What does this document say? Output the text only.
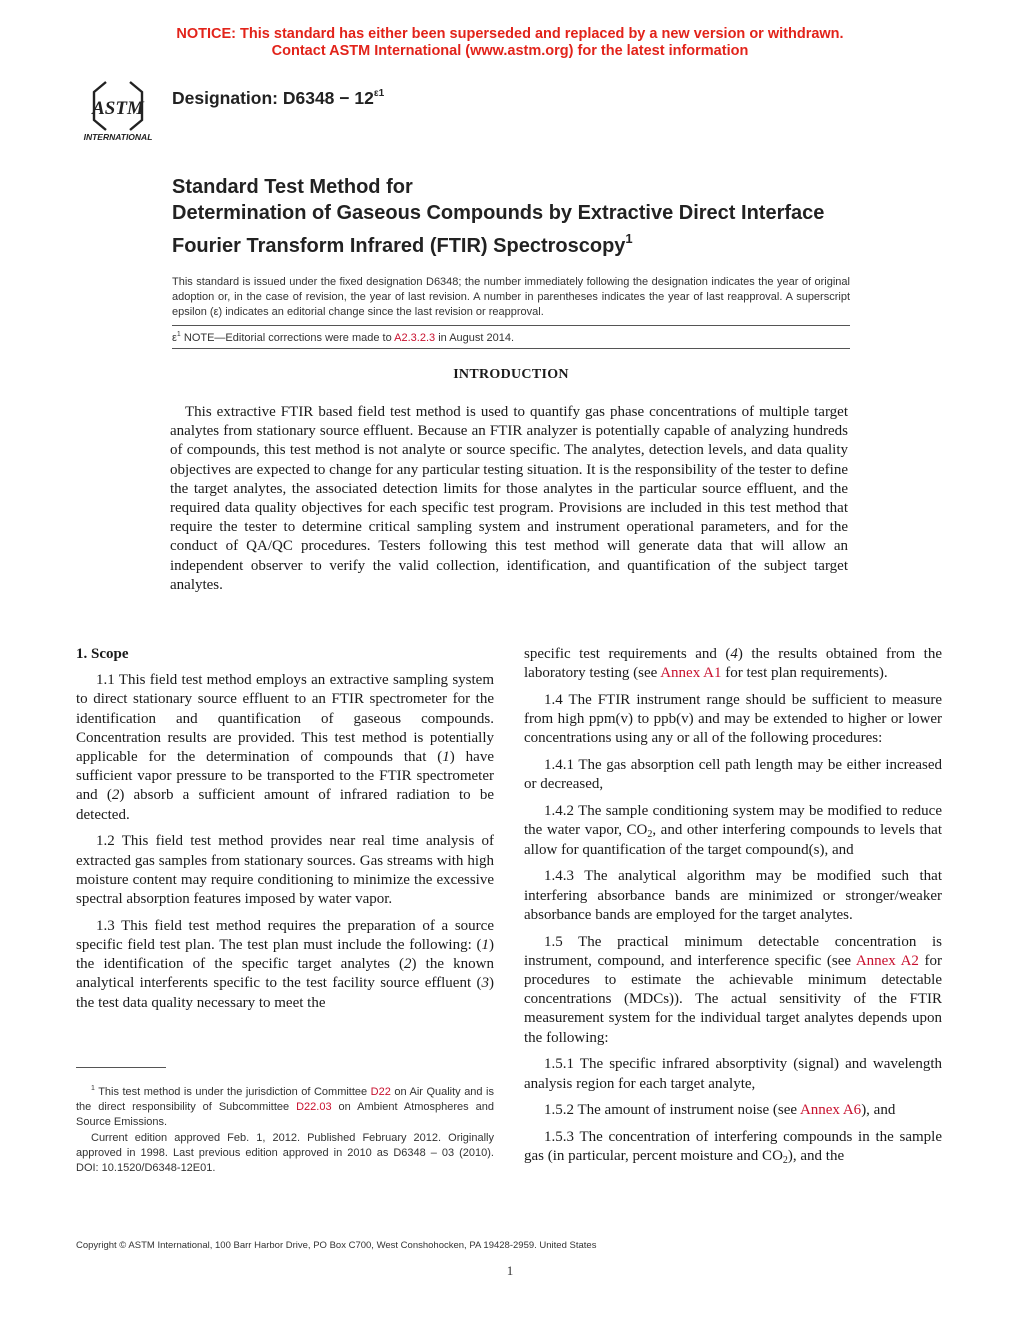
NOTICE: This standard has either been superseded and replaced by a new version or withdrawn.
Contact ASTM International (www.astm.org) for the latest information
ASTM
INTERNATIONAL
Designation: $D6348 - 12^{\varepsilon 1}$
Standard Test Method for
Determination of Gaseous Compounds by Extractive Direct Interface Fourier Transform Infrared (FTIR) Spectroscopy$^1$
This standard is issued under the fixed designation D6348; the number immediately following the designation indicates the year of original adoption or, in the case of revision, the year of last revision. A number in parentheses indicates the year of last reapproval. A superscript epsilon (ε) indicates an editorial change since the last revision or reapproval.
$\varepsilon^1$ NOTE—Editorial corrections were made to A2.3.2.3 in August 2014.
INTRODUCTION
This extractive FTIR based field test method is used to quantify gas phase concentrations of multiple target analytes from stationary source effluent. Because an FTIR analyzer is potentially capable of analyzing hundreds of compounds, this test method is not analyte or source specific. The analytes, detection levels, and data quality objectives are expected to change for any particular testing situation. It is the responsibility of the tester to define the target analytes, the associated detection limits for those analytes in the particular source effluent, and the required data quality objectives for each specific test program. Provisions are included in this test method that require the tester to determine critical sampling system and instrument operational parameters, and for the conduct of QA/QC procedures. Testers following this test method will generate data that will allow an independent observer to verify the valid collection, identification, and quantification of the subject target analytes.
1. Scope

1.1 This field test method employs an extractive sampling system to direct stationary source effluent to an FTIR spectrometer for the identification and quantification of gaseous compounds. Concentration results are provided. This test method is potentially applicable for the determination of compounds that (1) have sufficient vapor pressure to be transported to the FTIR spectrometer and (2) absorb a sufficient amount of infrared radiation to be detected.

1.2 This field test method provides near real time analysis of extracted gas samples from stationary sources. Gas streams with high moisture content may require conditioning to minimize the excessive spectral absorption features imposed by water vapor.

1.3 This field test method requires the preparation of a source specific field test plan. The test plan must include the following: (1) the identification of the specific target analytes (2) the known analytical interferents specific to the test facility source effluent (3) the test data quality necessary to meet the

$^1$ This test method is under the jurisdiction of Committee D22 on Air Quality and is the direct responsibility of Subcommittee D22.03 on Ambient Atmospheres and Source Emissions.

Current edition approved Feb. 1, 2012. Published February 2012. Originally approved in 1998. Last previous edition approved in 2010 as D6348 – 03 (2010). DOI: 10.1520/D6348-12E01.

specific test requirements and (4) the results obtained from the laboratory testing (see Annex A1 for test plan requirements).

1.4 The FTIR instrument range should be sufficient to measure from high ppm(v) to ppb(v) and may be extended to higher or lower concentrations using any or all of the following procedures:

1.4.1 The gas absorption cell path length may be either increased or decreased,

1.4.2 The sample conditioning system may be modified to reduce the water vapor, $CO_2$, and other interfering compounds to levels that allow for quantification of the target compound(s), and

1.4.3 The analytical algorithm may be modified such that interfering absorbance bands are minimized or stronger/weaker absorbance bands are employed for the target analytes.

1.5 The practical minimum detectable concentration is instrument, compound, and interference specific (see Annex A2 for procedures to estimate the achievable minimum detectable concentrations (MDCs)). The actual sensitivity of the FTIR measurement system for the individual target analytes depends upon the following:

1.5.1 The specific infrared absorptivity (signal) and wavelength analysis region for each target analyte,

1.5.2 The amount of instrument noise (see Annex A6), and

1.5.3 The concentration of interfering compounds in the sample gas (in particular, percent moisture and $CO_2$), and the

Copyright © ASTM International, 100 Barr Harbor Drive, PO Box C700, West Conshohocken, PA 19428-2959. United States
1
